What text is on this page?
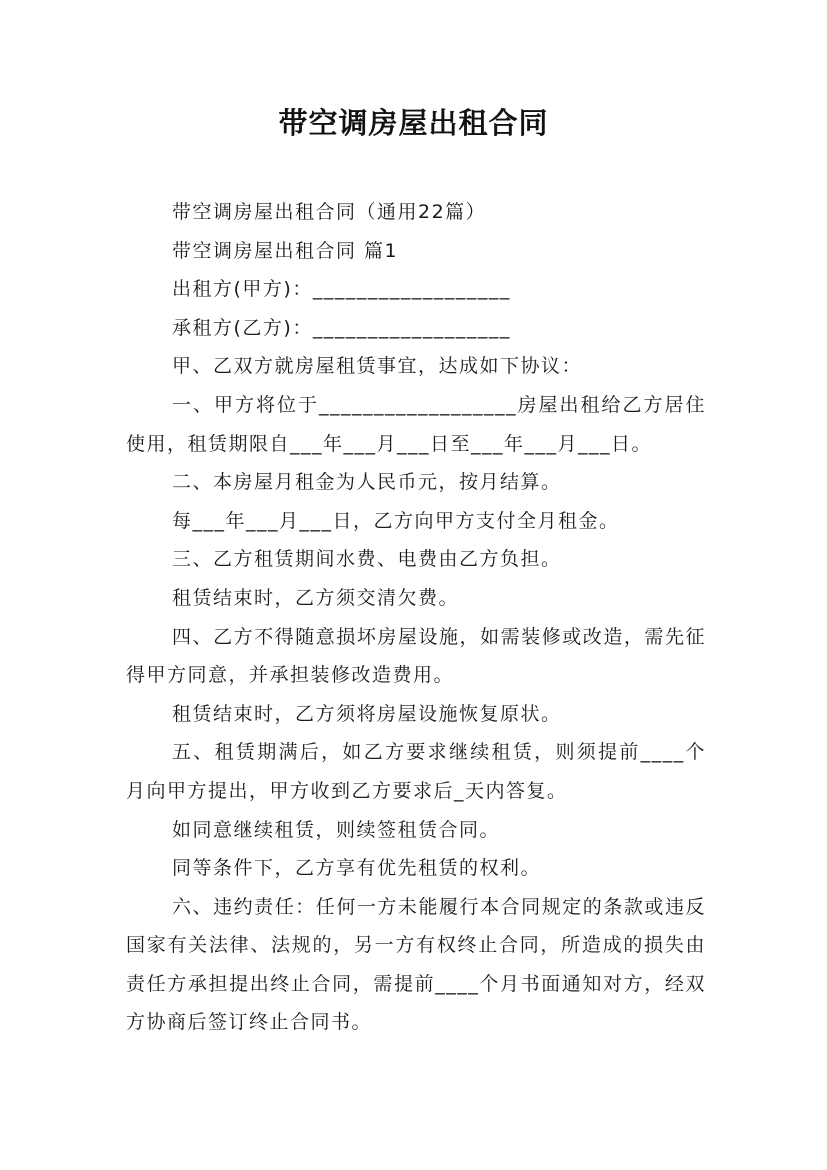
带空调房屋出租合同

带空调房屋出租合同（通用22篇）

带空调房屋出租合同 篇1

出租方(甲方)：__________________

承租方(乙方)：__________________

甲、乙双方就房屋租赁事宜，达成如下协议：

一、甲方将位于__________________房屋出租给乙方居住使用，租赁期限自___年___月___日至___年___月___日。

二、本房屋月租金为人民币元，按月结算。

每___年___月___日，乙方向甲方支付全月租金。

三、乙方租赁期间水费、电费由乙方负担。

租赁结束时，乙方须交清欠费。

四、乙方不得随意损坏房屋设施，如需装修或改造，需先征得甲方同意，并承担装修改造费用。

租赁结束时，乙方须将房屋设施恢复原状。

五、租赁期满后，如乙方要求继续租赁，则须提前____个月向甲方提出，甲方收到乙方要求后_天内答复。

如同意继续租赁，则续签租赁合同。

同等条件下，乙方享有优先租赁的权利。

六、违约责任：任何一方未能履行本合同规定的条款或违反国家有关法律、法规的，另一方有权终止合同，所造成的损失由责任方承担提出终止合同，需提前____个月书面通知对方，经双方协商后签订终止合同书。
